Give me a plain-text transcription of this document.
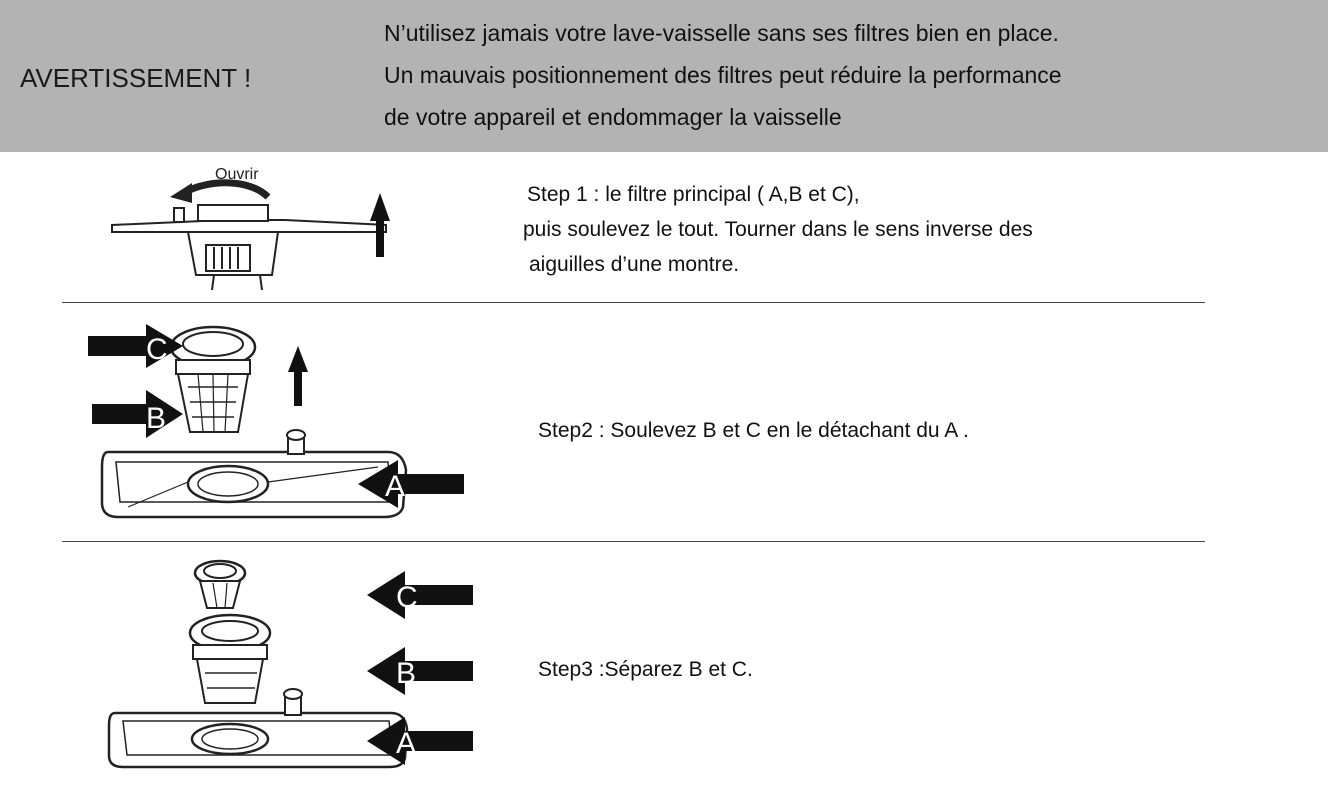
AVERTISSEMENT !
N’utilisez jamais votre lave-vaisselle sans ses filtres bien en place.
Un mauvais positionnement des filtres peut réduire la performance
de votre appareil et endommager la vaisselle
Ouvrir
Step 1 : le filtre principal ( A,B et C),
puis soulevez le tout. Tourner dans le sens inverse des
aiguilles d’une montre.
C
B
A
Step2 : Soulevez B et C en le détachant du A .
C
B
A
Step3 :Séparez B et C.
